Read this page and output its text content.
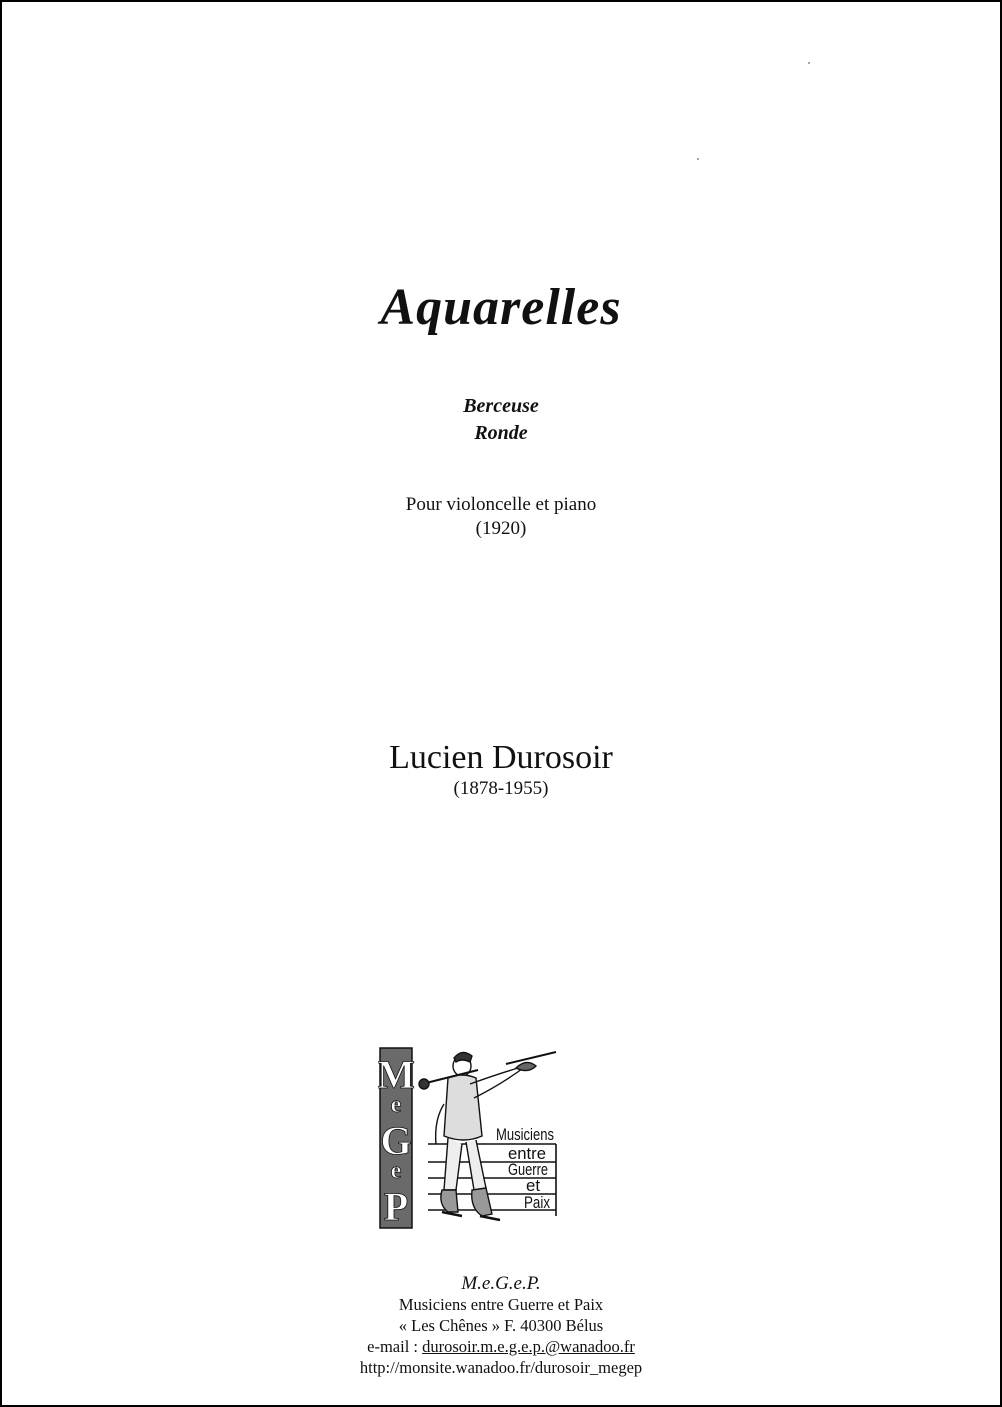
Aquarelles
Berceuse
Ronde
Pour violoncelle et piano
(1920)
Lucien Durosoir
(1878-1955)
M
e
G
e
P
Musiciens
entre
Guerre
et
Paix
M.e.G.e.P.
Musiciens entre Guerre et Paix
« Les Chênes » F. 40300 Bélus
e-mail : durosoir.m.e.g.e.p.@wanadoo.fr
http://monsite.wanadoo.fr/durosoir_megep
